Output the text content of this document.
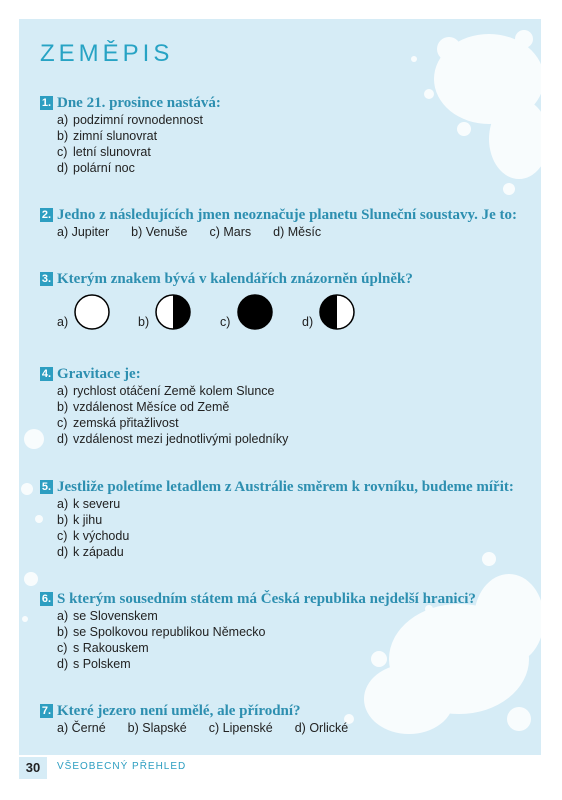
ZEMĚPIS
1. Dne 21. prosince nastává:
a) podzimní rovnodennost
b) zimní slunovrat
c) letní slunovrat
d) polární noc
2. Jedno z následujících jmen neoznačuje planetu Sluneční soustavy. Je to:
a) Jupiter b) Venuše c) Mars d) Měsíc
3. Kterým znakem bývá v kalendářích znázorněn úplněk?
a)	b)	c)	d)
4. Gravitace je:
a) rychlost otáčení Země kolem Slunce
b) vzdálenost Měsíce od Země
c) zemská přitažlivost
d) vzdálenost mezi jednotlivými poledníky
5. Jestliže poletíme letadlem z Austrálie směrem k rovníku, budeme mířit:
a) k severu
b) k jihu
c) k východu
d) k západu
6. S kterým sousedním státem má Česká republika nejdelší hranici?
a) se Slovenskem
b) se Spolkovou republikou Německo
c) s Rakouskem
d) s Polskem
7. Které jezero není umělé, ale přírodní?
a) Černé b) Slapské c) Lipenské d) Orlické
30	VŠEOBECNÝ PŘEHLED
